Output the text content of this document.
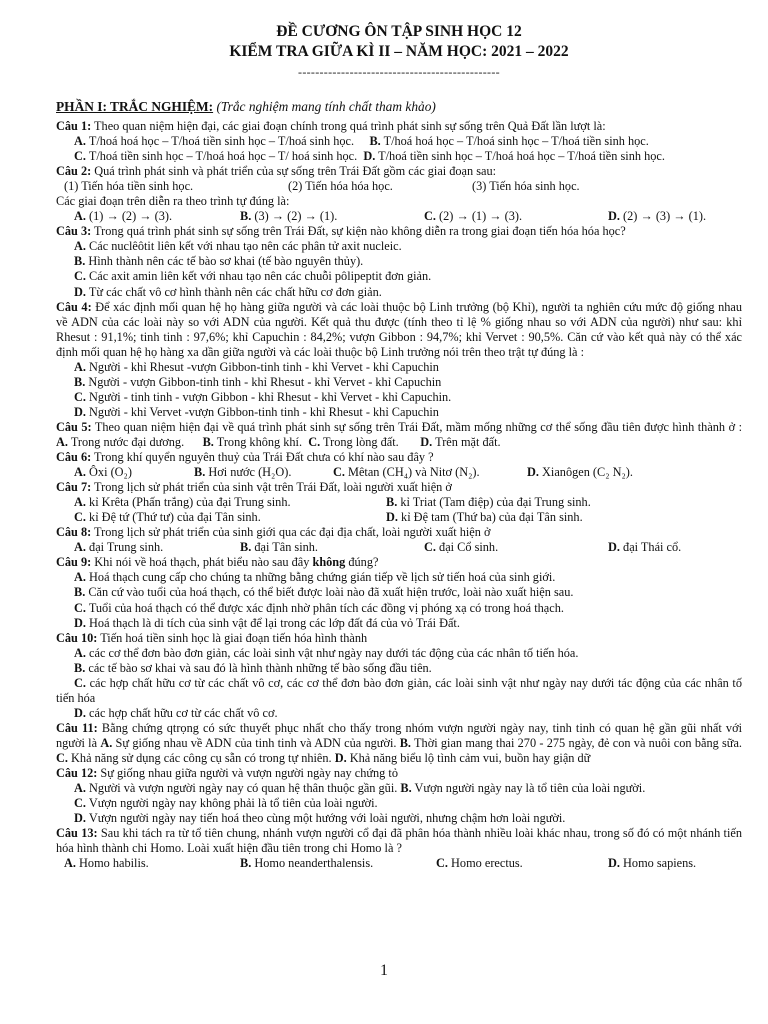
ĐỀ CƯƠNG ÔN TẬP SINH HỌC 12

KIỂM TRA GIỮA KÌ II – NĂM HỌC: 2021 – 2022

-----------------------------------------------
PHẦN I: TRẮC NGHIỆM: (Trắc nghiệm mang tính chất tham khảo)

Câu 1: Theo quan niệm hiện đại, các giai đoạn chính trong quá trình phát sinh sự sống trên Quả Đất lần lượt là:

A. T/hoá hoá học – T/hoá tiền sinh học – T/hoá sinh học. B. T/hoá hoá học – T/hoá sinh học – T/hoá tiền sinh học.

C. T/hoá tiền sinh học – T/hoá hoá học – T/ hoá sinh học. D. T/hoá tiền sinh học – T/hoá hoá học – T/hoá tiền sinh học.

Câu 2: Quá trình phát sinh và phát triển của sự sống trên Trái Đất gồm các giai đoạn sau:

(1) Tiến hóa tiền sinh học.	(2) Tiến hóa hóa học.	(3) Tiến hóa sinh học.

Các giai đoạn trên diễn ra theo trình tự đúng là:

A. (1) → (2) → (3).	B. (3) → (2) → (1).	C. (2) → (1) → (3).	D. (2) → (3) → (1).

Câu 3: Trong quá trình phát sinh sự sống trên Trái Đất, sự kiện nào không diễn ra trong giai đoạn tiến hóa hóa học?

A. Các nuclêôtit liên kết với nhau tạo nên các phân tử axit nucleic.

B. Hình thành nên các tế bào sơ khai (tế bào nguyên thủy).

C. Các axit amin liên kết với nhau tạo nên các chuỗi pôlipeptit đơn giản.

D. Từ các chất vô cơ hình thành nên các chất hữu cơ đơn giản.

Câu 4: Để xác định mối quan hệ họ hàng giữa người và các loài thuộc bộ Linh trưởng (bộ Khỉ), người ta nghiên cứu mức độ giống nhau về ADN của các loài này so với ADN của người. Kết quả thu được (tính theo tỉ lệ % giống nhau so với ADN của người) như sau: khỉ Rhesut : 91,1%; tinh tinh : 97,6%; khỉ Capuchin : 84,2%; vượn Gibbon : 94,7%; khỉ Vervet : 90,5%. Căn cứ vào kết quả này có thể xác định mối quan hệ họ hàng xa dần giữa người và các loài thuộc bộ Linh trưởng nói trên theo trật tự đúng là :

A. Người - khỉ Rhesut -vượn Gibbon-tinh tinh - khỉ Vervet - khỉ Capuchin

B. Người - vượn Gibbon-tinh tinh - khỉ Rhesut - khỉ Vervet - khỉ Capuchin

C. Người - tinh tinh - vượn Gibbon - khỉ Rhesut - khỉ Vervet - khỉ Capuchin.

D. Người - khỉ Vervet -vượn Gibbon-tinh tinh - khỉ Rhesut - khỉ Capuchin

Câu 5: Theo quan niệm hiện đại về quá trình phát sinh sự sống trên Trái Đất, mầm mống những cơ thể sống đầu tiên được hình thành ở : A. Trong nước đại dương. B. Trong không khí. C. Trong lòng đất. D. Trên mặt đất.

Câu 6: Trong khí quyển nguyên thuỷ của Trái Đất chưa có khí nào sau đây ?

A. Ôxi (O₂)	B. Hơi nước (H₂O).	C. Mêtan (CH₄) và Nitơ (N₂).	D. Xianôgen (C₂ N₂).

Câu 7: Trong lịch sử phát triển của sinh vật trên Trái Đất, loài người xuất hiện ở

A. kỉ Krêta (Phấn trắng) của đại Trung sinh.	B. kỉ Triat (Tam điệp) của đại Trung sinh.
C. kỉ Đệ tứ (Thứ tư) của đại Tân sinh.	D. kỉ Đệ tam (Thứ ba) của đại Tân sinh.

Câu 8: Trong lịch sử phát triển của sinh giới qua các đại địa chất, loài người xuất hiện ở

A. đại Trung sinh.	B. đại Tân sinh.	C. đại Cổ sinh.	D. đại Thái cổ.

Câu 9: Khi nói về hoá thạch, phát biểu nào sau đây không đúng?

A. Hoá thạch cung cấp cho chúng ta những bằng chứng gián tiếp về lịch sử tiến hoá của sinh giới.

B. Căn cứ vào tuổi của hoá thạch, có thể biết được loài nào đã xuất hiện trước, loài nào xuất hiện sau.

C. Tuổi của hoá thạch có thể được xác định nhờ phân tích các đồng vị phóng xạ có trong hoá thạch.

D. Hoá thạch là di tích của sinh vật để lại trong các lớp đất đá của vỏ Trái Đất.

Câu 10: Tiến hoá tiền sinh học là giai đoạn tiến hóa hình thành

A. các cơ thể đơn bào đơn giản, các loài sinh vật như ngày nay dưới tác động của các nhân tố tiến hóa.

B. các tế bào sơ khai và sau đó là hình thành những tế bào sống đầu tiên.

C. các hợp chất hữu cơ từ các chất vô cơ, các cơ thể đơn bào đơn giản, các loài sinh vật như ngày nay dưới tác động của các nhân tố tiến hóa

D. các hợp chất hữu cơ từ các chất vô cơ.

Câu 11: Bằng chứng qtrọng có sức thuyết phục nhất cho thấy trong nhóm vượn người ngày nay, tinh tinh có quan hệ gần gũi nhất với người là A. Sự giống nhau về ADN của tinh tinh và ADN của người. B. Thời gian mang thai 270 - 275 ngày, đẻ con và nuôi con bằng sữa. C. Khả năng sử dụng các công cụ sẵn có trong tự nhiên. D. Khả năng biểu lộ tình cảm vui, buồn hay giận dữ

Câu 12: Sự giống nhau giữa người và vượn người ngày nay chứng tỏ

A. Người và vượn người ngày nay có quan hệ thân thuộc gần gũi. B. Vượn người ngày nay là tổ tiên của loài người.

C. Vượn người ngày nay không phải là tổ tiên của loài người.

D. Vượn người ngày nay tiến hoá theo cùng một hướng với loài người, nhưng chậm hơn loài người.

Câu 13: Sau khi tách ra từ tổ tiên chung, nhánh vượn người cổ đại đã phân hóa thành nhiều loài khác nhau, trong số đó có một nhánh tiến hóa hình thành chi Homo. Loài xuất hiện đầu tiên trong chi Homo là ?

A. Homo habilis.	B. Homo neanderthalensis.	C. Homo erectus.	D. Homo sapiens.
1
